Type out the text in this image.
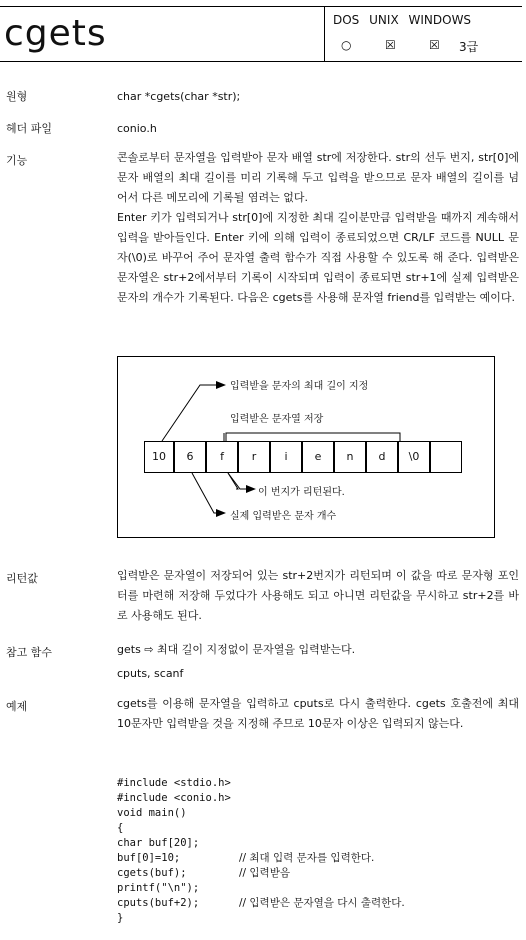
cgets	DOS UNIX WINDOWS
○	☒	☒ 3급
원형	char *cgets(char *str);
헤더 파일	conio.h
기능	콘솔로부터 문자열을 입력받아 문자 배열 str에 저장한다. str의 선두 번지, str[0]에 문자 배열의 최대 길이를 미리 기록해 두고 입력을 받으므로 문자 배열의 길이를 넘어서 다른 메모리에 기록될 염려는 없다.

Enter 키가 입력되거나 str[0]에 지정한 최대 길이분만큼 입력받을 때까지 계속해서 입력을 받아들인다. Enter 키에 의해 입력이 종료되었으면 CR/LF 코드를 NULL 문자(\0)로 바꾸어 주어 문자열 출력 함수가 직접 사용할 수 있도록 해 준다. 입력받은 문자열은 str+2에서부터 기록이 시작되며 입력이 종료되면 str+1에 실제 입력받은 문자의 개수가 기록된다. 다음은 cgets를 사용해 문자열 friend를 입력받는 예이다.

10	6	f	r	i	e	n	d	\0
입력받을 문자의 최대 길이 지정
입력받은 문자열 저장
이 번지가 리턴된다.
실제 입력받은 문자 개수
리턴값	입력받은 문자열이 저장되어 있는 str+2번지가 리턴되며 이 값을 따로 문자형 포인터를 마련해 저장해 두었다가 사용해도 되고 아니면 리턴값을 무시하고 str+2를 바로 사용해도 된다.
참고 함수	gets ⇨ 최대 길이 지정없이 문자열을 입력받는다.
cputs, scanf
예제	cgets를 이용해 문자열을 입력하고 cputs로 다시 출력한다. cgets 호출전에 최대 10문자만 입력받을 것을 지정해 주므로 10문자 이상은 입력되지 않는다.
#include <stdio.h>
#include <conio.h>
void main()
{
char buf[20];
buf[0]=10;	// 최대 입력 문자를 입력한다.
cgets(buf);	// 입력받음
printf("\n");
cputs(buf+2);	// 입력받은 문자열을 다시 출력한다.
}
